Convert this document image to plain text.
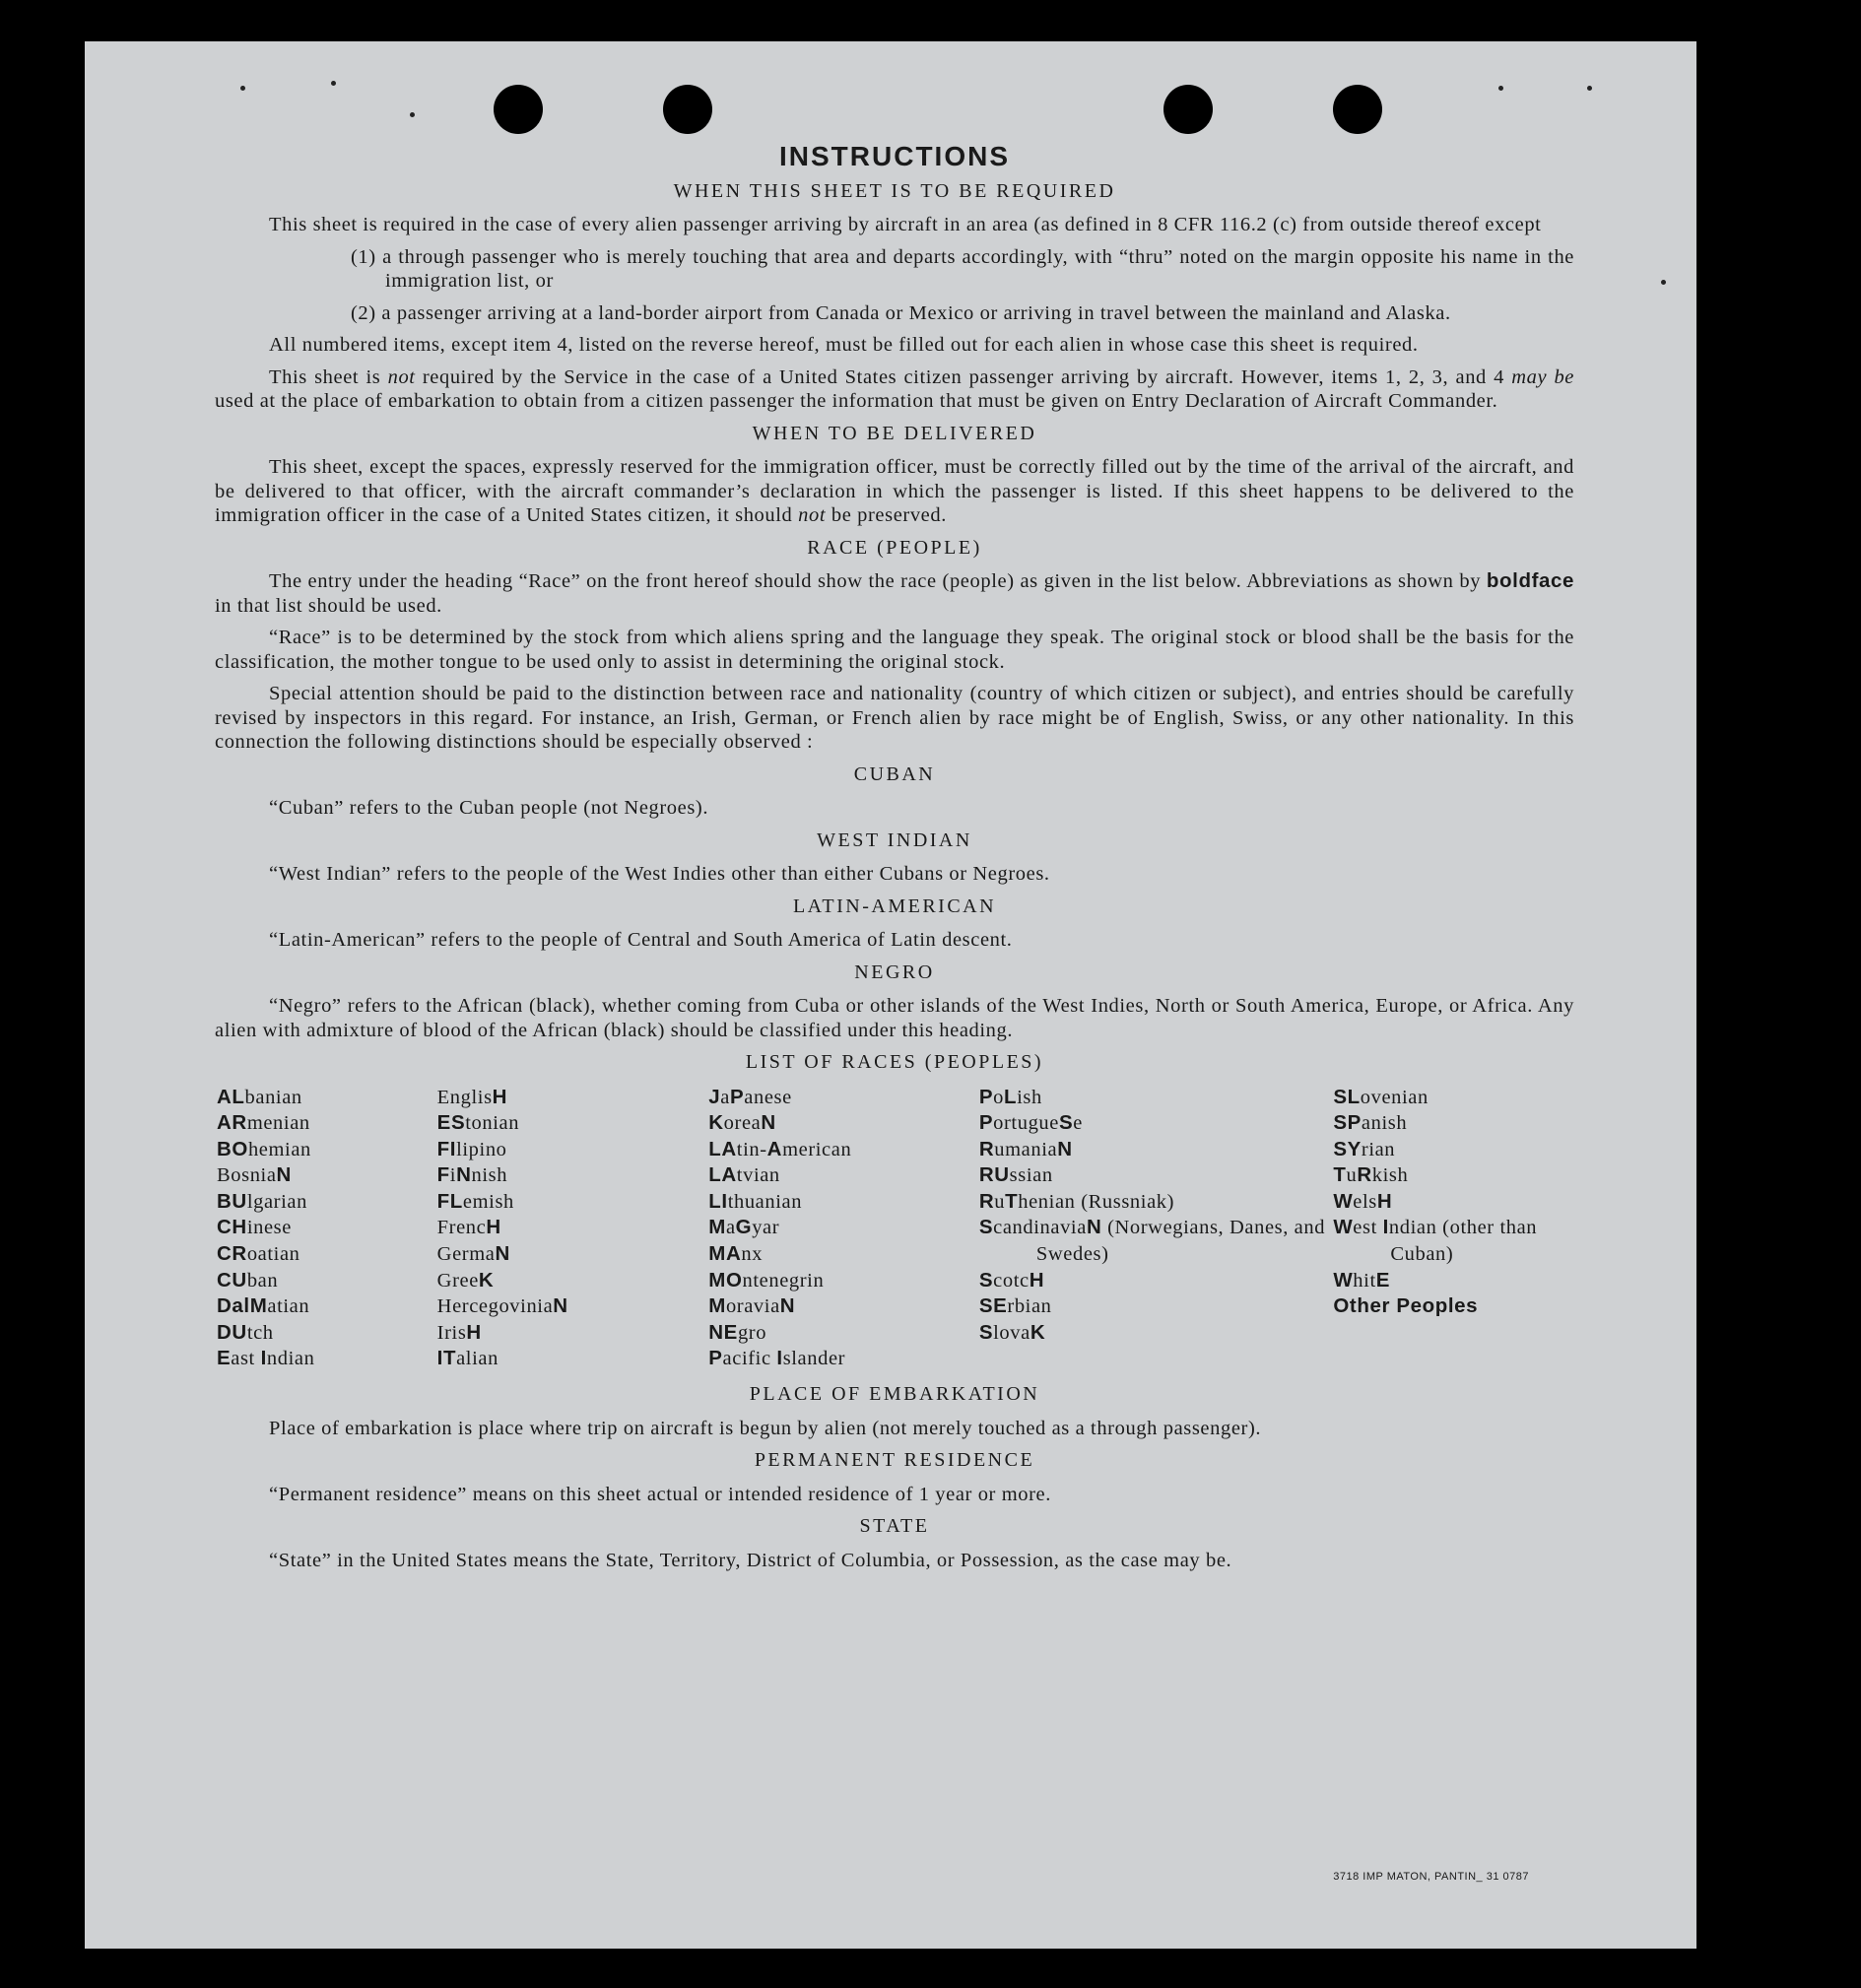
INSTRUCTIONS
WHEN THIS SHEET IS TO BE REQUIRED

This sheet is required in the case of every alien passenger arriving by aircraft in an area (as defined in 8 CFR 116.2 (c) from outside thereof except

(1) a through passenger who is merely touching that area and departs accordingly, with “thru” noted on the margin opposite his name in the immigration list, or
(2) a passenger arriving at a land-border airport from Canada or Mexico or arriving in travel between the mainland and Alaska.

All numbered items, except item 4, listed on the reverse hereof, must be filled out for each alien in whose case this sheet is required.

This sheet is not required by the Service in the case of a United States citizen passenger arriving by aircraft. However, items 1, 2, 3, and 4 may be used at the place of embarkation to obtain from a citizen passenger the information that must be given on Entry Declaration of Aircraft Commander.

WHEN TO BE DELIVERED

This sheet, except the spaces, expressly reserved for the immigration officer, must be correctly filled out by the time of the arrival of the aircraft, and be delivered to that officer, with the aircraft commander’s declaration in which the passenger is listed. If this sheet happens to be delivered to the immigration officer in the case of a United States citizen, it should not be preserved.

RACE (PEOPLE)

The entry under the heading “Race” on the front hereof should show the race (people) as given in the list below. Abbreviations as shown by boldface in that list should be used.

“Race” is to be determined by the stock from which aliens spring and the language they speak. The original stock or blood shall be the basis for the classification, the mother tongue to be used only to assist in determining the original stock.

Special attention should be paid to the distinction between race and nationality (country of which citizen or subject), and entries should be carefully revised by inspectors in this regard. For instance, an Irish, German, or French alien by race might be of English, Swiss, or any other nationality. In this connection the following distinctions should be especially observed :

CUBAN

“Cuban” refers to the Cuban people (not Negroes).

WEST INDIAN

“West Indian” refers to the people of the West Indies other than either Cubans or Negroes.

LATIN-AMERICAN

“Latin-American” refers to the people of Central and South America of Latin descent.

NEGRO

“Negro” refers to the African (black), whether coming from Cuba or other islands of the West Indies, North or South America, Europe, or Africa. Any alien with admixture of blood of the African (black) should be classified under this heading.

LIST OF RACES (PEOPLES)
ALbanian
ARmenian
BOhemian
BosniaN
BUlgarian
CHinese
CRoatian
CUban
DalMatian
DUtch
East Indian
EnglisH
EStonian
FIlipino
FiNnish
FLemish
FrencH
GermaN
GreeK
HercegoviniaN
IrisH
ITalian
JaPanese
KoreaN
LAtin-American
LAtvian
LIthuanian
MaGyar
MAnx
MOntenegrin
MoraviaN
NEgro
Pacific Islander
PoLish
PortugueSe
RumaniaN
RUssian
RuThenian (Russniak)
ScandinaviaN (Norwegians, Danes, and Swedes)
ScotcH
SErbian
SlovaK
SLovenian
SPanish
SYrian
TuRkish
WelsH
West Indian (other than Cuban)
WhitE
Other Peoples
PLACE OF EMBARKATION

Place of embarkation is place where trip on aircraft is begun by alien (not merely touched as a through passenger).

PERMANENT RESIDENCE

“Permanent residence” means on this sheet actual or intended residence of 1 year or more.

STATE

“State” in the United States means the State, Territory, District of Columbia, or Possession, as the case may be.

3718 IMP MATON, PANTIN_ 31 0787
